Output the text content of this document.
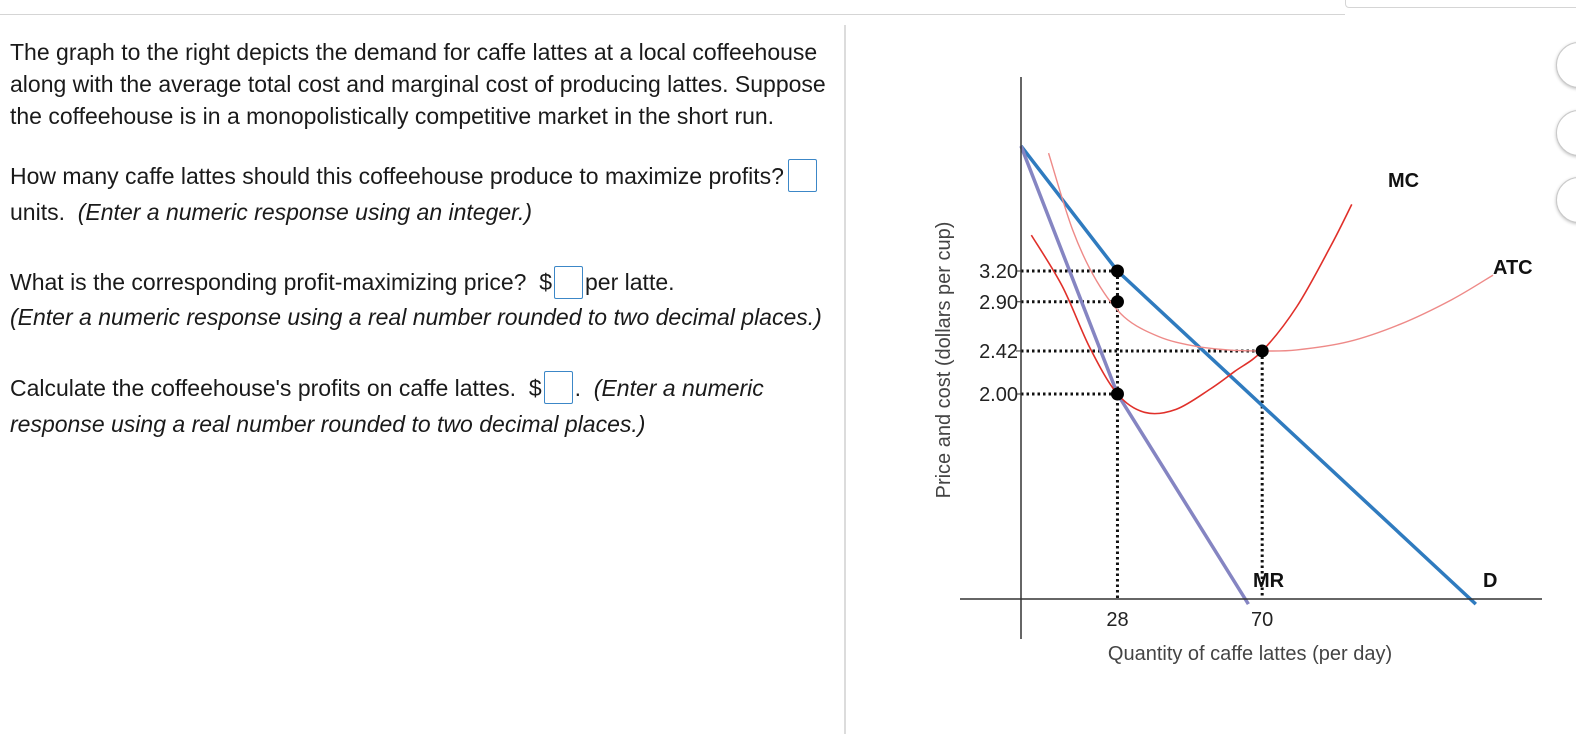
The graph to the right depicts the demand for caffe lattes at a local coffeehouse along with the average total cost and marginal cost of producing lattes. Suppose the coffeehouse is in a monopolistically competitive market in the short run.

How many caffe lattes should this coffeehouse produce to maximize profits?units. (Enter a numeric response using an integer.)

What is the corresponding profit-maximizing price? $ per latte.
(Enter a numeric response using a real number rounded to two decimal places.)

Calculate the coffeehouse's profits on caffe lattes. $ . (Enter a numeric response using a real number rounded to two decimal places.)

3.20
2.90
2.42
2.00
28	70
MC
ATC
MR	D
Quantity of caffe lattes (per day)
Price and cost (dollars per cup)
